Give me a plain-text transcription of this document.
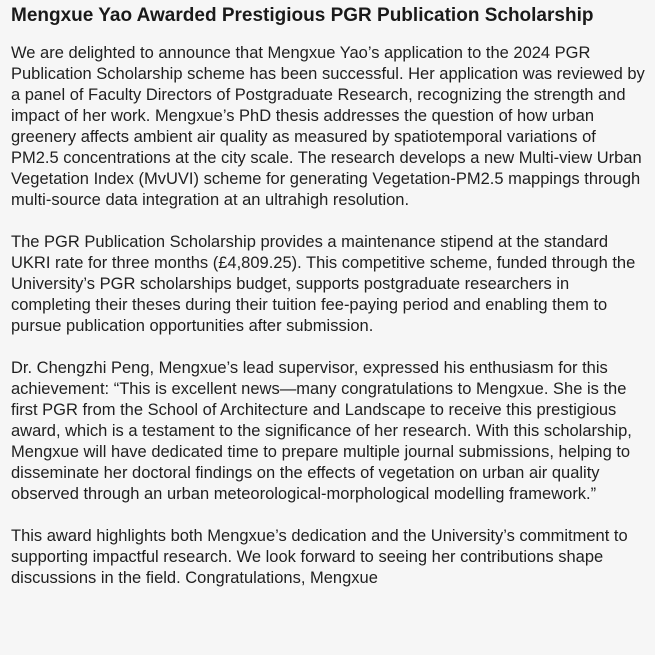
Mengxue Yao Awarded Prestigious PGR Publication Scholarship

We are delighted to announce that Mengxue Yao’s application to the 2024 PGR Publication Scholarship scheme has been successful. Her application was reviewed by a panel of Faculty Directors of Postgraduate Research, recognizing the strength and impact of her work. Mengxue’s PhD thesis addresses the question of how urban greenery affects ambient air quality as measured by spatiotemporal variations of PM2.5 concentrations at the city scale. The research develops a new Multi-view Urban Vegetation Index (MvUVI) scheme for generating Vegetation-PM2.5 mappings through multi-source data integration at an ultrahigh resolution.

The PGR Publication Scholarship provides a maintenance stipend at the standard UKRI rate for three months (£4,809.25). This competitive scheme, funded through the University’s PGR scholarships budget, supports postgraduate researchers in completing their theses during their tuition fee-paying period and enabling them to pursue publication opportunities after submission.

Dr. Chengzhi Peng, Mengxue’s lead supervisor, expressed his enthusiasm for this achievement: “This is excellent news—many congratulations to Mengxue. She is the first PGR from the School of Architecture and Landscape to receive this prestigious award, which is a testament to the significance of her research. With this scholarship, Mengxue will have dedicated time to prepare multiple journal submissions, helping to disseminate her doctoral findings on the effects of vegetation on urban air quality observed through an urban meteorological-morphological modelling framework.”

This award highlights both Mengxue’s dedication and the University’s commitment to supporting impactful research. We look forward to seeing her contributions shape discussions in the field. Congratulations, Mengxue
